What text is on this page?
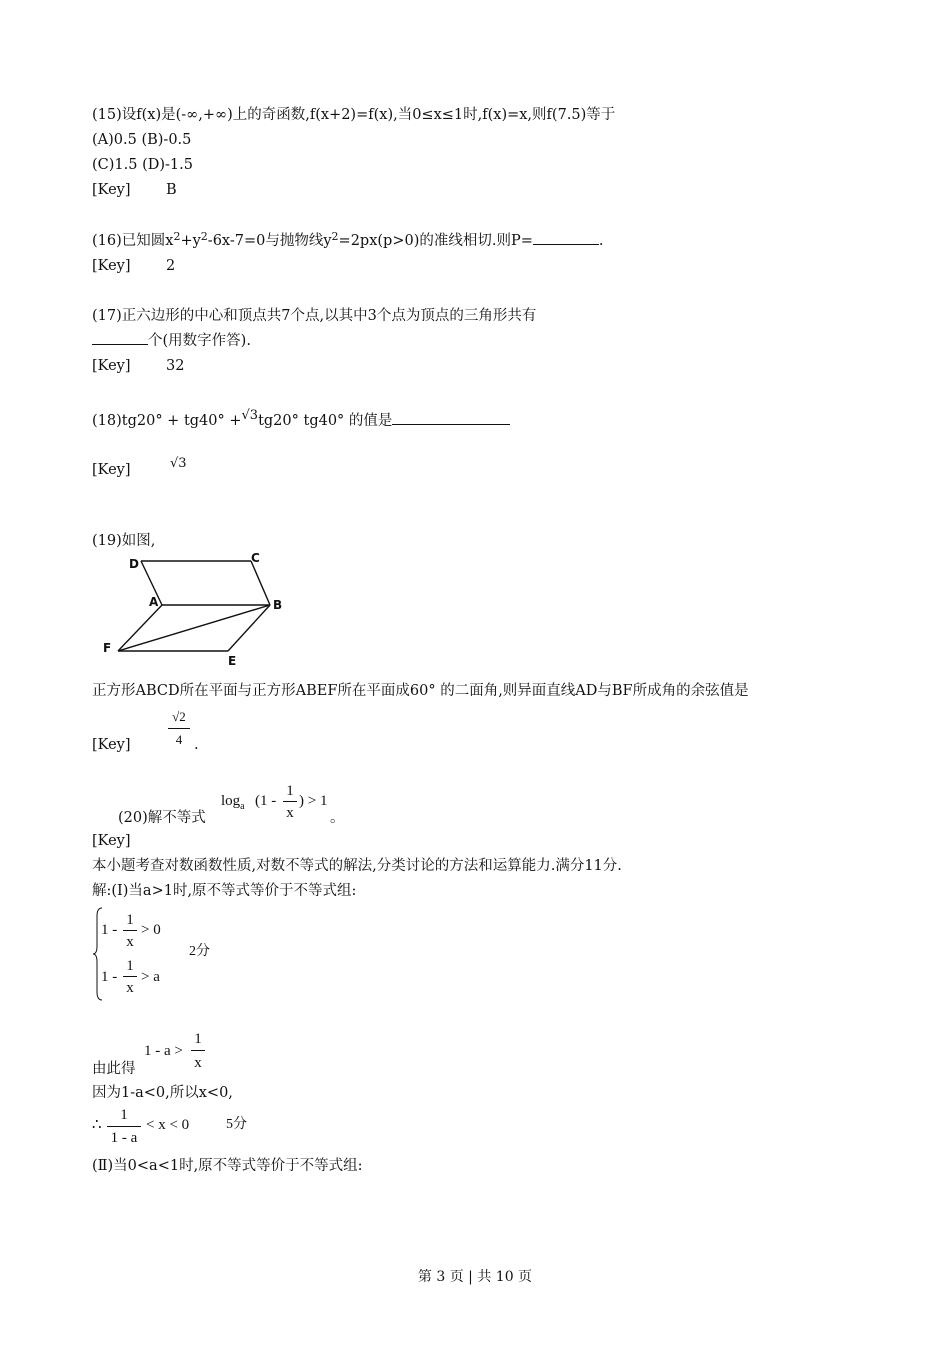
(15)设f(x)是(-∞,+∞)上的奇函数,f(x+2)=f(x),当0≤x≤1时,f(x)=x,则f(7.5)等于
(A)0.5 (B)-0.5
(C)1.5 (D)-1.5
[Key] B
(16)已知圆$x^2+y^2-6x-7=0$与抛物线$y^2=2px(p>0)$的准线相切.则P=	.
[Key] 2
(17)正六边形的中心和顶点共7个点,以其中3个点为顶点的三角形共有
个(用数字作答).
[Key] 32
(18)tg20° + tg40° +√3tg20° tg40° 的值是
[Key]	√3
(19)如图,
D	C
A	B
F
E
正方形ABCD所在平面与正方形ABEF所在平面成60° 的二面角,则异面直线AD与BF所成角的余弦值是
[Key]
√2
4 .
(20)解不等式
$\log_a (1$ -
1
x
) > 1
。
[Key]
本小题考查对数函数性质,对数不等式的解法,分类讨论的方法和运算能力.满分11分.
解:(Ⅰ)当a>1时,原不等式等价于不等式组:
1 -
1
x
> 0
2分
1 -
1
x
> a
由此得
1 - a >
1
x
因为1-a<0,所以x<0,
∴
1
1 - a
< x < 0	5分
(Ⅱ)当0<a<1时,原不等式等价于不等式组:
第 3 页 | 共 10 页
